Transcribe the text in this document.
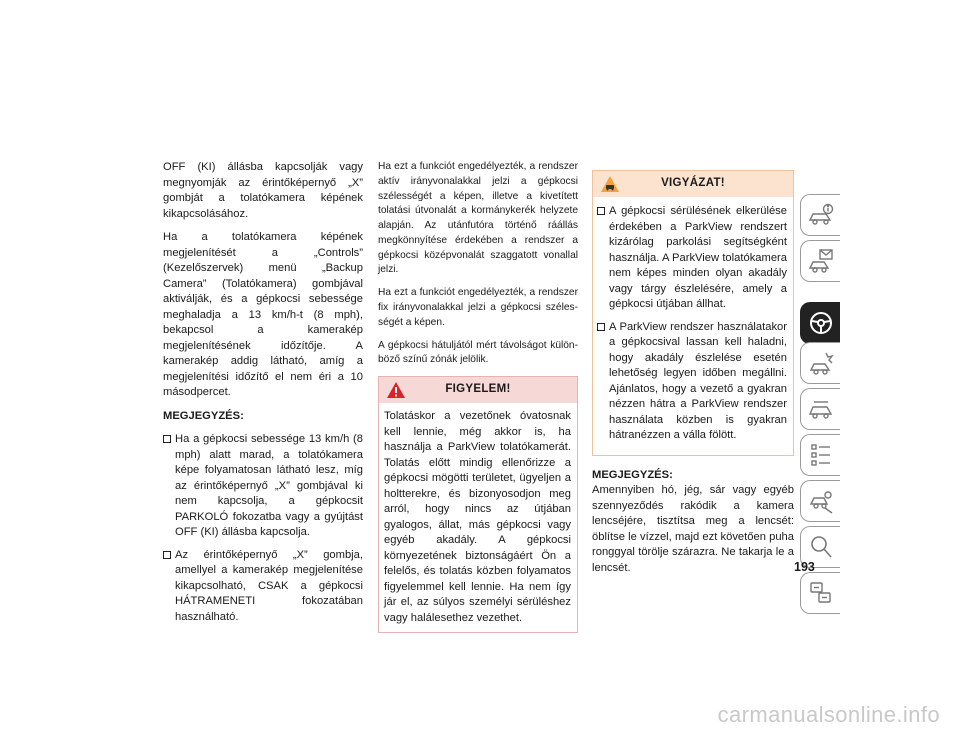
OFF (KI) állásba kapcsolják vagy megnyomják az érintőképernyő „X” gombját a tolatókamera képének kikapcsolásához.

Ha a tolatókamera képének megjelenítését a „Controls” (Kezelőszervek) menü „Backup Camera” (Tolatókamera) gombjával aktiválják, és a gépkocsi sebessége meghaladja a 13 km/h-t (8 mph), bekapcsol a kamerakép megjelenítésének időzítője. A kamerakép addig látható, amíg a megjelenítési időzítő el nem éri a 10 másodpercet.

MEGJEGYZÉS:

Ha a gépkocsi sebessége 13 km/h (8 mph) alatt marad, a tolatókamera képe folyamatosan látható lesz, míg az érintőképernyő „X” gombjával ki nem kapcsolja, a gépkocsit PARKOLÓ fokozatba vagy a gyújtást OFF (KI) állásba kapcsolja.
Az érintőképernyő „X” gombja, amellyel a kamerakép megjelenítése kikapcsolható, CSAK a gépkocsi HÁTRAMENETI fokozatában használható.

Ha ezt a funkciót engedélyezték, a rendszer aktív irányvonalakkal jelzi a gépkocsi szélességét a képen, illetve a kivetített tolatási útvonalát a kormánykerék helyzete alapján. Az utánfutóra történő ráállás megkönnyítése érdekében a rendszer a gépkocsi középvonalát szaggatott vonallal jelzi.

Ha ezt a funkciót engedélyezték, a rendszer fix irányvonalakkal jelzi a gépkocsi szélességét a képen.

A gépkocsi hátuljától mért távolságot különböző színű zónák jelölik.

FIGYELEM!
Tolatáskor a vezetőnek óvatosnak kell lennie, még akkor is, ha használja a ParkView tolatókamerát. Tolatás előtt mindig ellenőrizze a gépkocsi mögötti területet, ügyeljen a holtterekre, és bizonyosodjon meg arról, hogy nincs az útjában gyalogos, állat, más gépkocsi vagy egyéb akadály. A gépkocsi környezetének biztonságáért Ön a felelős, és tolatás közben folyamatos figyelemmel kell lennie. Ha nem így jár el, az súlyos személyi sérüléshez vagy halálesethez vezethet.
VIGYÁZAT!
A gépkocsi sérülésének elkerülése érdekében a ParkView rendszert kizárólag parkolási segítségként használja. A ParkView tolatókamera nem képes minden olyan akadály vagy tárgy észlelésére, amely a gépkocsi útjában állhat.
A ParkView rendszer használatakor a gépkocsival lassan kell haladni, hogy akadály észlelése esetén lehetőség legyen időben megállni. Ajánlatos, hogy a vezető a gyakran nézzen hátra a ParkView rendszer használata közben is gyakran hátranézzen a válla fölött.

MEGJEGYZÉS:

Amennyiben hó, jég, sár vagy egyéb szennyeződés rakódik a kamera lencséjére, tisztítsa meg a lencsét: öblítse le vízzel, majd ezt követően puha ronggyal törölje szárazra. Ne takarja le a lencsét.	193
carmanualsonline.info
